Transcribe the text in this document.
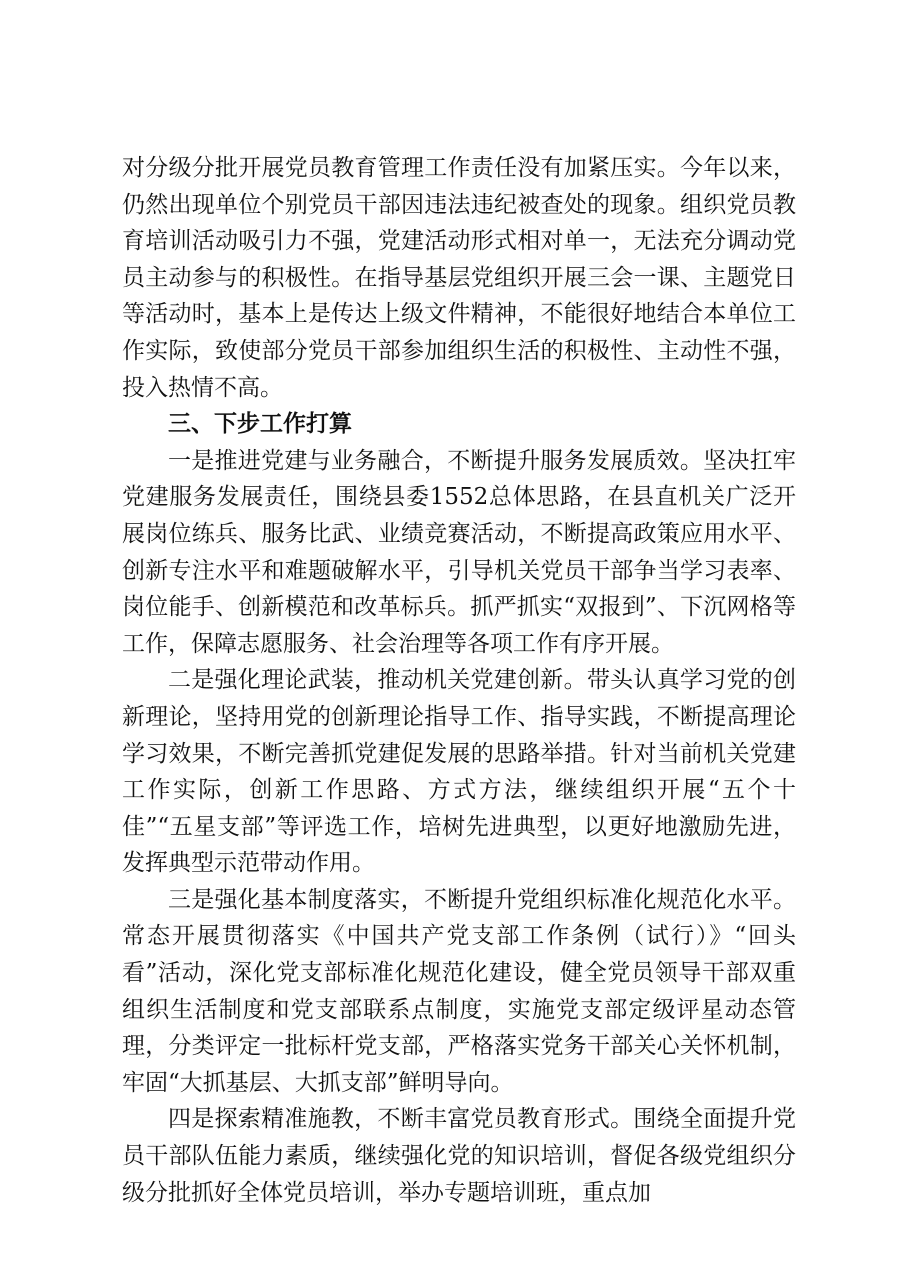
对分级分批开展党员教育管理工作责任没有加紧压实。今年以来，仍然出现单位个别党员干部因违法违纪被查处的现象。组织党员教育培训活动吸引力不强，党建活动形式相对单一，无法充分调动党员主动参与的积极性。在指导基层党组织开展三会一课、主题党日等活动时，基本上是传达上级文件精神，不能很好地结合本单位工作实际，致使部分党员干部参加组织生活的积极性、主动性不强，投入热情不高。

三、下步工作打算

一是推进党建与业务融合，不断提升服务发展质效。坚决扛牢党建服务发展责任，围绕县委1552总体思路，在县直机关广泛开展岗位练兵、服务比武、业绩竞赛活动，不断提高政策应用水平、创新专注水平和难题破解水平，引导机关党员干部争当学习表率、岗位能手、创新模范和改革标兵。抓严抓实“双报到”、下沉网格等工作，保障志愿服务、社会治理等各项工作有序开展。

二是强化理论武装，推动机关党建创新。带头认真学习党的创新理论，坚持用党的创新理论指导工作、指导实践，不断提高理论学习效果，不断完善抓党建促发展的思路举措。针对当前机关党建工作实际，创新工作思路、方式方法，继续组织开展“五个十佳”“五星支部”等评选工作，培树先进典型，以更好地激励先进，发挥典型示范带动作用。

三是强化基本制度落实，不断提升党组织标准化规范化水平。常态开展贯彻落实《中国共产党支部工作条例（试行）》“回头看”活动，深化党支部标准化规范化建设，健全党员领导干部双重组织生活制度和党支部联系点制度，实施党支部定级评星动态管理，分类评定一批标杆党支部，严格落实党务干部关心关怀机制，牢固“大抓基层、大抓支部”鲜明导向。

四是探索精准施教，不断丰富党员教育形式。围绕全面提升党员干部队伍能力素质，继续强化党的知识培训，督促各级党组织分级分批抓好全体党员培训，举办专题培训班，重点加
